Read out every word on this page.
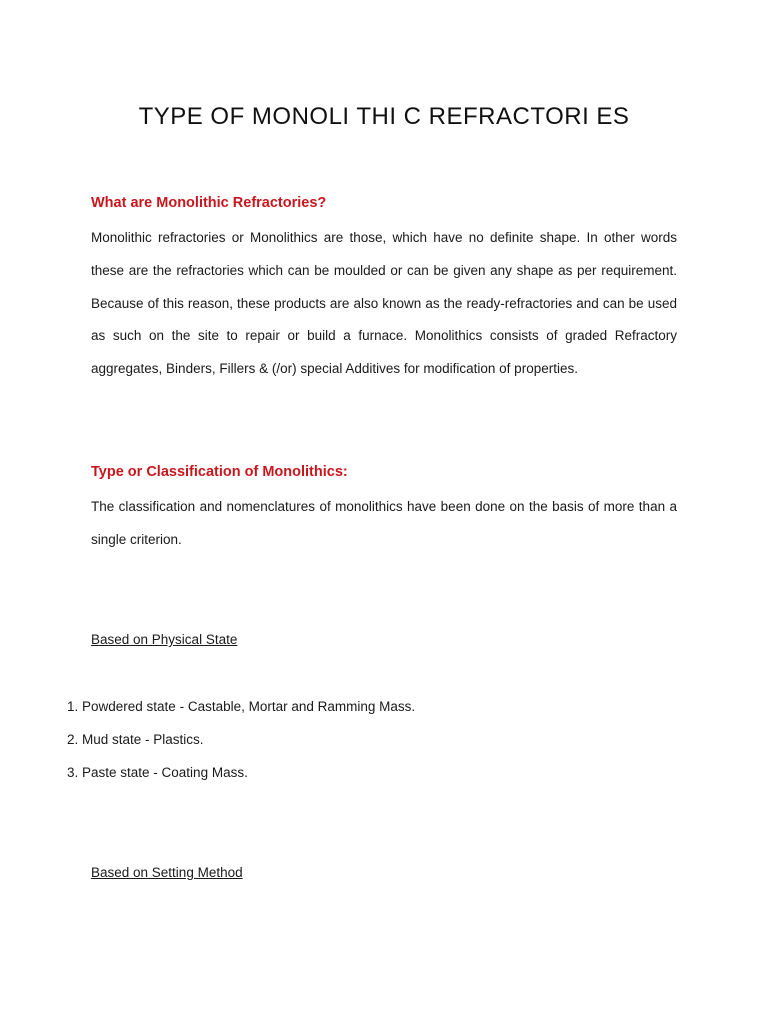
TYPE OF MONOLI THI C REFRACTORI ES
What are Monolithic Refractories?

Monolithic refractories or Monolithics are those, which have no definite shape. In other words these are the refractories which can be moulded or can be given any shape as per requirement. Because of this reason, these products are also known as the ready-refractories and can be used as such on the site to repair or build a furnace. Monolithics consists of graded Refractory aggregates, Binders, Fillers & (/or) special Additives for modification of properties.

Type or Classification of Monolithics:

The classification and nomenclatures of monolithics have been done on the basis of more than a single criterion.

Based on Physical State

1. Powdered state - Castable, Mortar and Ramming Mass.
2. Mud state - Plastics.
3. Paste state - Coating Mass.

Based on Setting Method
